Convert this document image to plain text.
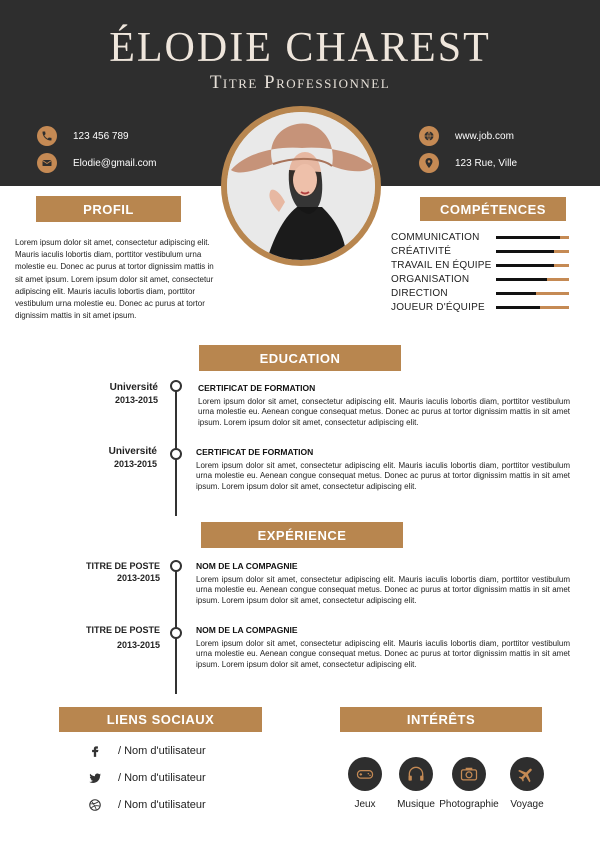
ÉLODIE CHAREST
Titre Professionnel
123 456 789
Elodie@gmail.com
www.job.com
123 Rue, Ville
PROFIL
Lorem ipsum dolor sit amet, consectetur adipiscing elit. Mauris iaculis lobortis diam, porttitor vestibulum urna molestie eu. Donec ac purus at tortor dignissim mattis in sit amet ipsum. Lorem ipsum dolor sit amet, consectetur adipiscing elit. Mauris iaculis lobortis diam, porttitor vestibulum urna molestie eu. Donec ac purus at tortor dignissim mattis in sit amet ipsum.
COMPÉTENCES
COMMUNICATION
CRÉATIVITÉ
TRAVAIL EN ÉQUIPE
ORGANISATION
DIRECTION
JOUEUR D'ÉQUIPE
EDUCATION
Université
2013-2015
CERTIFICAT DE FORMATION
Lorem ipsum dolor sit amet, consectetur adipiscing elit. Mauris iaculis lobortis diam, porttitor vestibulum urna molestie eu. Aenean congue consequat metus. Donec ac purus at tortor dignissim mattis in sit amet ipsum. Lorem ipsum dolor sit amet, consectetur adipiscing elit.
Université
2013-2015
CERTIFICAT DE FORMATION
Lorem ipsum dolor sit amet, consectetur adipiscing elit. Mauris iaculis lobortis diam, porttitor vestibulum urna molestie eu. Aenean congue consequat metus. Donec ac purus at tortor dignissim mattis in sit amet ipsum. Lorem ipsum dolor sit amet, consectetur adipiscing elit.
EXPÉRIENCE
TITRE DE POSTE
2013-2015
NOM DE LA COMPAGNIE
Lorem ipsum dolor sit amet, consectetur adipiscing elit. Mauris iaculis lobortis diam, porttitor vestibulum urna molestie eu. Aenean congue consequat metus. Donec ac purus at tortor dignissim mattis in sit amet ipsum. Lorem ipsum dolor sit amet, consectetur adipiscing elit.
TITRE DE POSTE
2013-2015
NOM DE LA COMPAGNIE
Lorem ipsum dolor sit amet, consectetur adipiscing elit. Mauris iaculis lobortis diam, porttitor vestibulum urna molestie eu. Aenean congue consequat metus. Donec ac purus at tortor dignissim mattis in sit amet ipsum. Lorem ipsum dolor sit amet, consectetur adipiscing elit.
LIENS SOCIAUX
/ Nom d'utilisateur
/ Nom d'utilisateur
/ Nom d'utilisateur
INTÉRÊTS
Jeux	Musique Photographie	Voyage
